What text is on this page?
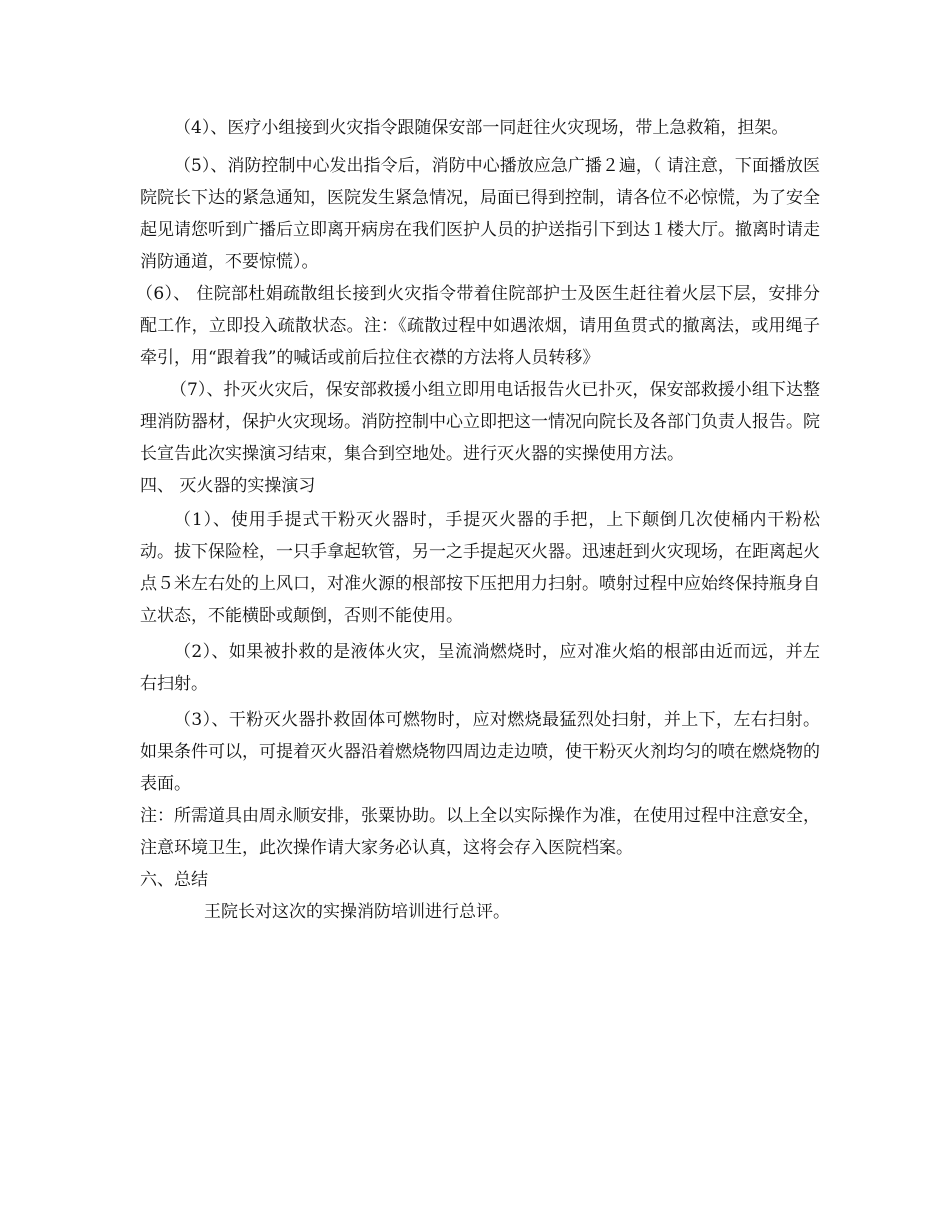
（4）、医疗小组接到火灾指令跟随保安部一同赶往火灾现场，带上急救箱，担架。

（5）、消防控制中心发出指令后，消防中心播放应急广播２遍，（ 请注意，下面播放医院院长下达的紧急通知，医院发生紧急情况，局面已得到控制，请各位不必惊慌，为了安全起见请您听到广播后立即离开病房在我们医护人员的护送指引下到达１楼大厅。撤离时请走消防通道，不要惊慌）。

（6）、 住院部杜娟疏散组长接到火灾指令带着住院部护士及医生赶往着火层下层，安排分配工作，立即投入疏散状态。注：《疏散过程中如遇浓烟，请用鱼贯式的撤离法，或用绳子牵引，用“跟着我”的喊话或前后拉住衣襟的方法将人员转移》

（7）、扑灭火灾后，保安部救援小组立即用电话报告火已扑灭，保安部救援小组下达整理消防器材，保护火灾现场。消防控制中心立即把这一情况向院长及各部门负责人报告。院长宣告此次实操演习结束，集合到空地处。进行灭火器的实操使用方法。

四、 灭火器的实操演习

（1）、使用手提式干粉灭火器时，手提灭火器的手把，上下颠倒几次使桶内干粉松动。拔下保险栓，一只手拿起软管，另一之手提起灭火器。迅速赶到火灾现场，在距离起火点５米左右处的上风口，对准火源的根部按下压把用力扫射。喷射过程中应始终保持瓶身自立状态，不能横卧或颠倒，否则不能使用。

（2）、如果被扑救的是液体火灾，呈流淌燃烧时，应对准火焰的根部由近而远，并左右扫射。

（3）、干粉灭火器扑救固体可燃物时，应对燃烧最猛烈处扫射，并上下，左右扫射。如果条件可以，可提着灭火器沿着燃烧物四周边走边喷，使干粉灭火剂均匀的喷在燃烧物的表面。

注：所需道具由周永顺安排，张粟协助。以上全以实际操作为准，在使用过程中注意安全，注意环境卫生，此次操作请大家务必认真，这将会存入医院档案。

六、总结

王院长对这次的实操消防培训进行总评。
